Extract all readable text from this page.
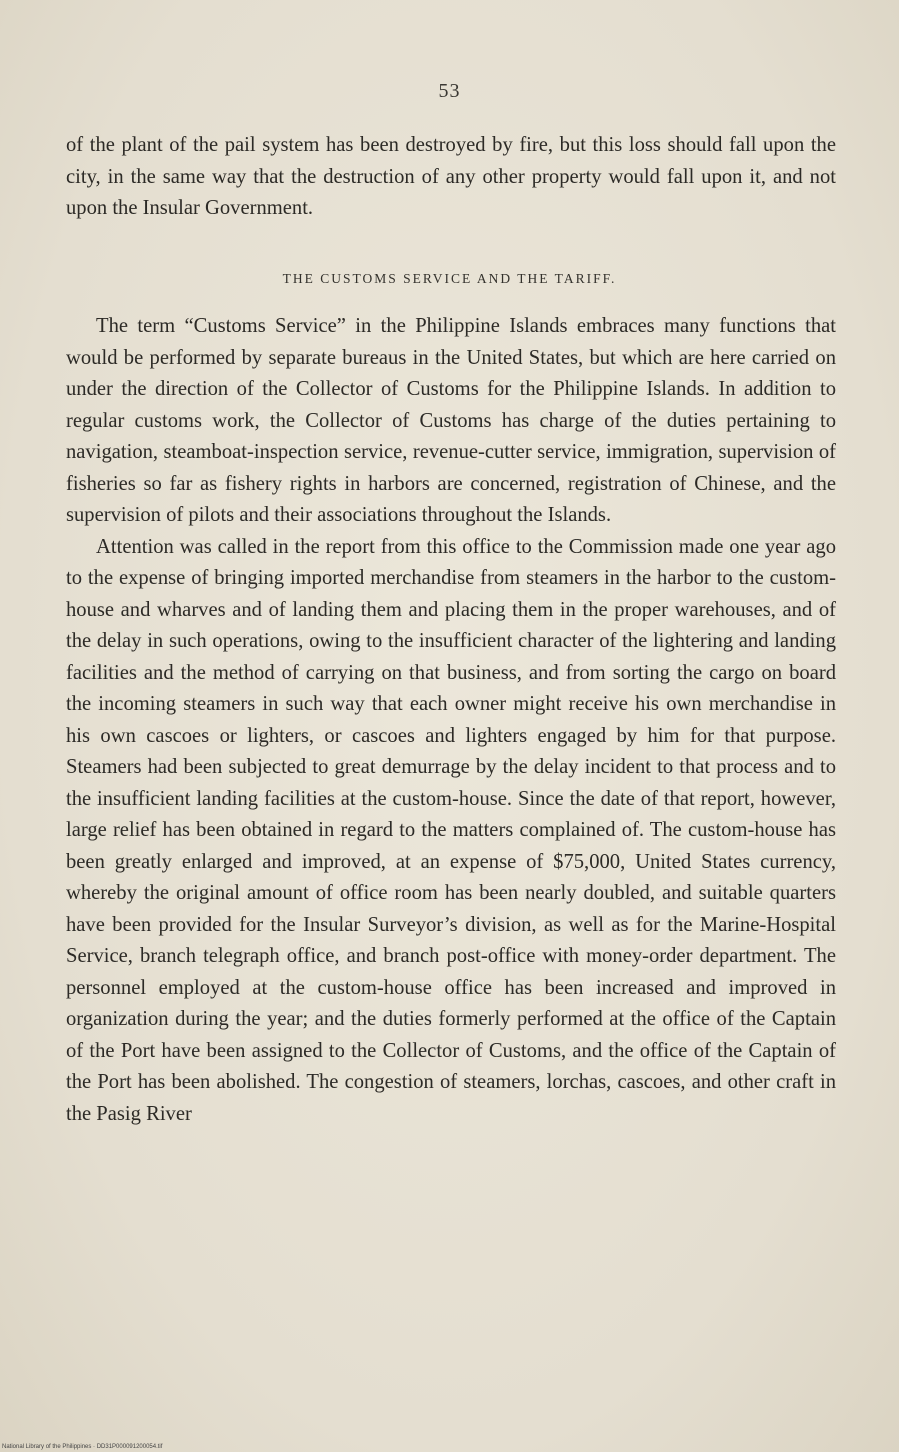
53

of the plant of the pail system has been destroyed by fire, but this loss should fall upon the city, in the same way that the destruction of any other property would fall upon it, and not upon the Insular Government.

THE CUSTOMS SERVICE AND THE TARIFF.

The term “Customs Service” in the Philippine Islands embraces many functions that would be performed by separate bureaus in the United States, but which are here carried on under the direction of the Collector of Customs for the Philippine Islands. In addition to regular customs work, the Collector of Customs has charge of the duties pertaining to navigation, steamboat-inspection service, revenue-cutter service, immigration, supervision of fisheries so far as fishery rights in harbors are concerned, registration of Chinese, and the supervision of pilots and their associations throughout the Islands.

Attention was called in the report from this office to the Commission made one year ago to the expense of bringing imported merchandise from steamers in the harbor to the custom-house and wharves and of landing them and placing them in the proper warehouses, and of the delay in such operations, owing to the insufficient character of the lightering and landing facilities and the method of carrying on that business, and from sorting the cargo on board the incoming steamers in such way that each owner might receive his own merchandise in his own cascoes or lighters, or cascoes and lighters engaged by him for that purpose. Steamers had been subjected to great demurrage by the delay incident to that process and to the insufficient landing facilities at the custom-house. Since the date of that report, however, large relief has been obtained in regard to the matters complained of. The custom-house has been greatly enlarged and improved, at an expense of $75,000, United States currency, whereby the original amount of office room has been nearly doubled, and suitable quarters have been provided for the Insular Surveyor’s division, as well as for the Marine-Hospital Service, branch telegraph office, and branch post-office with money-order department. The personnel employed at the custom-house office has been increased and improved in organization during the year; and the duties formerly performed at the office of the Captain of the Port have been assigned to the Collector of Customs, and the office of the Captain of the Port has been abolished. The congestion of steamers, lorchas, cascoes, and other craft in the Pasig River

National Library of the Philippines · DD31P000091200054.tif
